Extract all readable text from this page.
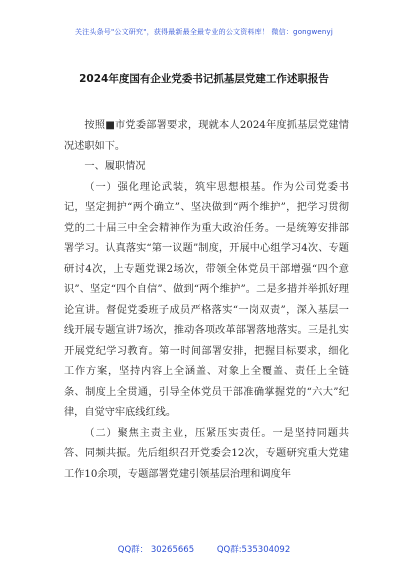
关注头条号"公文研究"，获得最新最全最专业的公文资料库！ 微信：gongwenyj
2024年度国有企业党委书记抓基层党建工作述职报告

按照■市党委部署要求，现就本人2024年度抓基层党建情况述职如下。

一、履职情况

（一）强化理论武装，筑牢思想根基。作为公司党委书记，坚定拥护“两个确立”、坚决做到“两个维护”，把学习贯彻党的二十届三中全会精神作为重大政治任务。一是统筹安排部署学习。认真落实“第一议题”制度，开展中心组学习4次、专题研讨4次，上专题党课2场次，带领全体党员干部增强“四个意识”、坚定“四个自信”、做到“两个维护”。二是多措并举抓好理论宣讲。督促党委班子成员严格落实“一岗双责”，深入基层一线开展专题宣讲7场次，推动各项改革部署落地落实。三是扎实开展党纪学习教育。第一时间部署安排，把握目标要求，细化工作方案，坚持内容上全涵盖、对象上全覆盖、责任上全链条、制度上全贯通，引导全体党员干部准确掌握党的“六大”纪律，自觉守牢底线红线。

（二）聚焦主责主业，压紧压实责任。一是坚持同题共答、同频共振。先后组织召开党委会12次，专题研究重大党建工作10余项，专题部署党建引领基层治理和调度年

QQ群： 30265665	QQ群:535304092
